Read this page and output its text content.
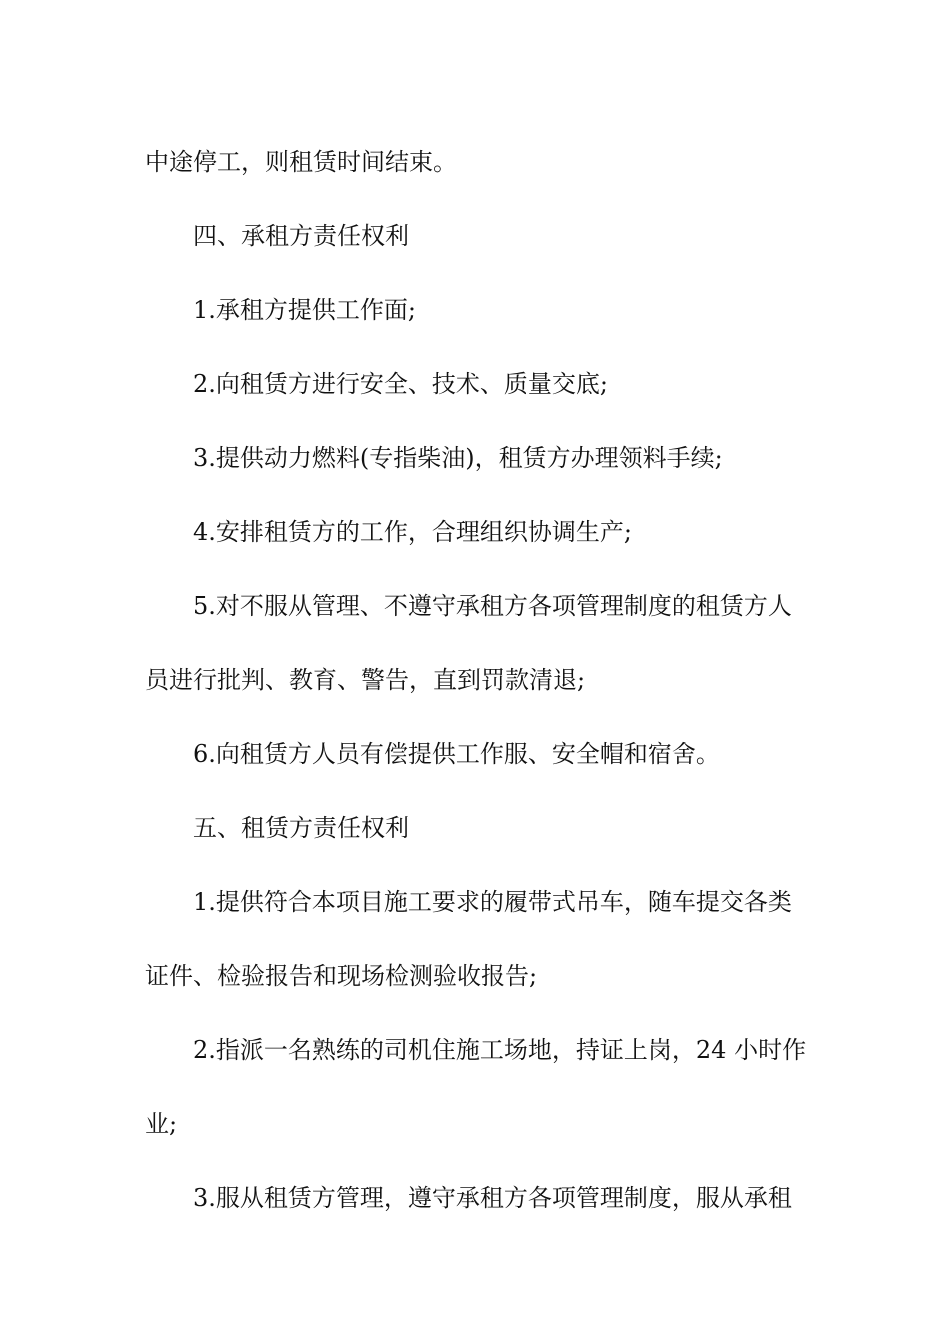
中途停工，则租赁时间结束。
四、承租方责任权利
1.承租方提供工作面;
2.向租赁方进行安全、技术、质量交底;
3.提供动力燃料(专指柴油)，租赁方办理领料手续;
4.安排租赁方的工作，合理组织协调生产;
5.对不服从管理、不遵守承租方各项管理制度的租赁方人
员进行批判、教育、警告，直到罚款清退;
6.向租赁方人员有偿提供工作服、安全帽和宿舍。
五、租赁方责任权利
1.提供符合本项目施工要求的履带式吊车，随车提交各类
证件、检验报告和现场检测验收报告;
2.指派一名熟练的司机住施工场地，持证上岗，24 小时作
业;
3.服从租赁方管理，遵守承租方各项管理制度，服从承租
